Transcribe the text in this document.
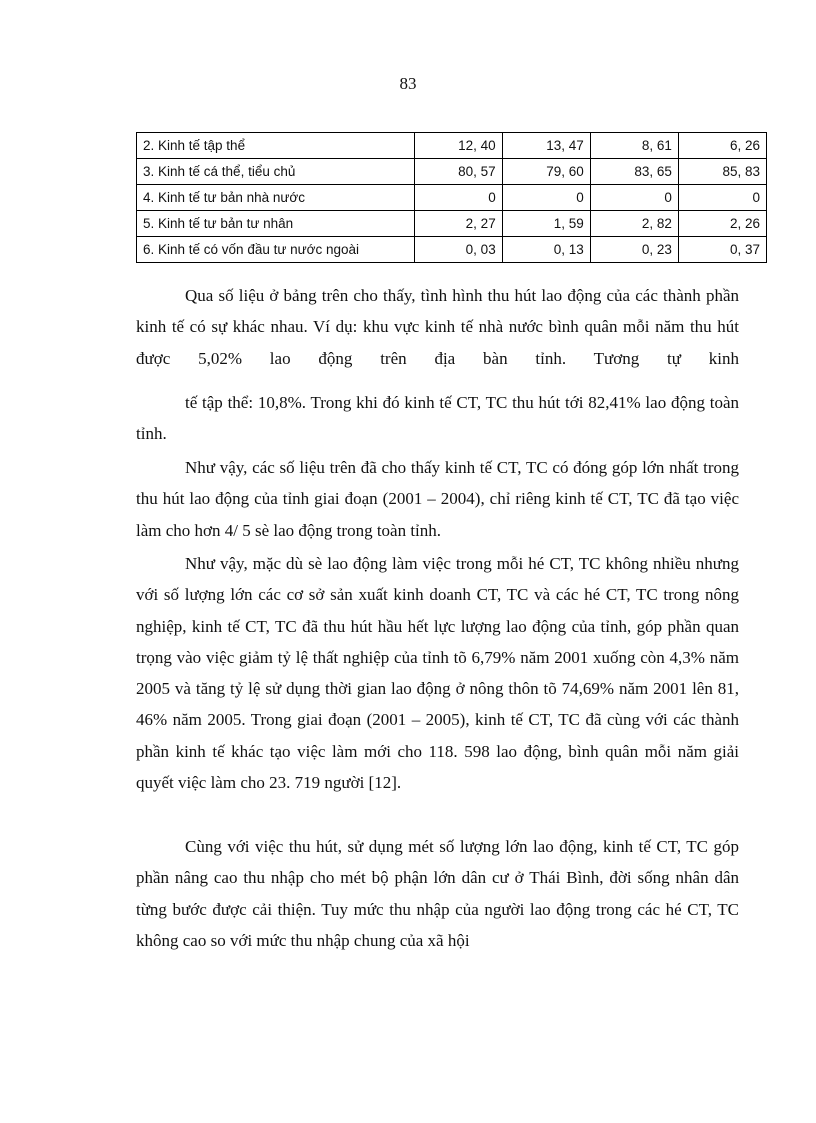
83
2. Kinh tế tập thể	12, 40	13, 47	8, 61	6, 26
3. Kinh tế cá thể, tiểu chủ	80, 57	79, 60	83, 65	85, 83
4. Kinh tế tư bản nhà nước	0	0	0	0
5. Kinh tế tư bản tư nhân	2, 27	1, 59	2, 82	2, 26
6. Kinh tế có vốn đầu tư nước ngoài	0, 03	0, 13	0, 23	0, 37

Qua số liệu ở bảng trên cho thấy, tình hình thu hút lao động của các thành phần kinh tế có sự khác nhau. Ví dụ: khu vực kinh tế nhà nước bình quân mỗi năm thu hút được 5,02% lao động trên địa bàn tỉnh. Tương tự kinh

tế tập thể: 10,8%. Trong khi đó kinh tế CT, TC thu hút tới 82,41% lao động toàn tỉnh.

Như vậy, các số liệu trên đã cho thấy kinh tế CT, TC có đóng góp lớn nhất trong thu hút lao động của tỉnh giai đoạn (2001 – 2004), chỉ riêng kinh tế CT, TC đã tạo việc làm cho hơn 4/ 5 sè lao động trong toàn tỉnh.

Như vậy, mặc dù sè lao động làm việc trong mỗi hé CT, TC không nhiều nhưng với số lượng lớn các cơ sở sản xuất kinh doanh CT, TC và các hé CT, TC trong nông nghiệp, kinh tế CT, TC đã thu hút hầu hết lực lượng lao động của tỉnh, góp phần quan trọng vào việc giảm tỷ lệ thất nghiệp của tỉnh tõ 6,79% năm 2001 xuống còn 4,3% năm 2005 và tăng tỷ lệ sử dụng thời gian lao động ở nông thôn tõ 74,69% năm 2001 lên 81, 46% năm 2005. Trong giai đoạn (2001 – 2005), kinh tế CT, TC đã cùng với các thành phần kinh tế khác tạo việc làm mới cho 118. 598 lao động, bình quân mỗi năm giải quyết việc làm cho 23. 719 người [12].

Cùng với việc thu hút, sử dụng mét số lượng lớn lao động, kinh tế CT, TC góp phần nâng cao thu nhập cho mét bộ phận lớn dân cư ở Thái Bình, đời sống nhân dân từng bước được cải thiện. Tuy mức thu nhập của người lao động trong các hé CT, TC không cao so với mức thu nhập chung của xã hội
